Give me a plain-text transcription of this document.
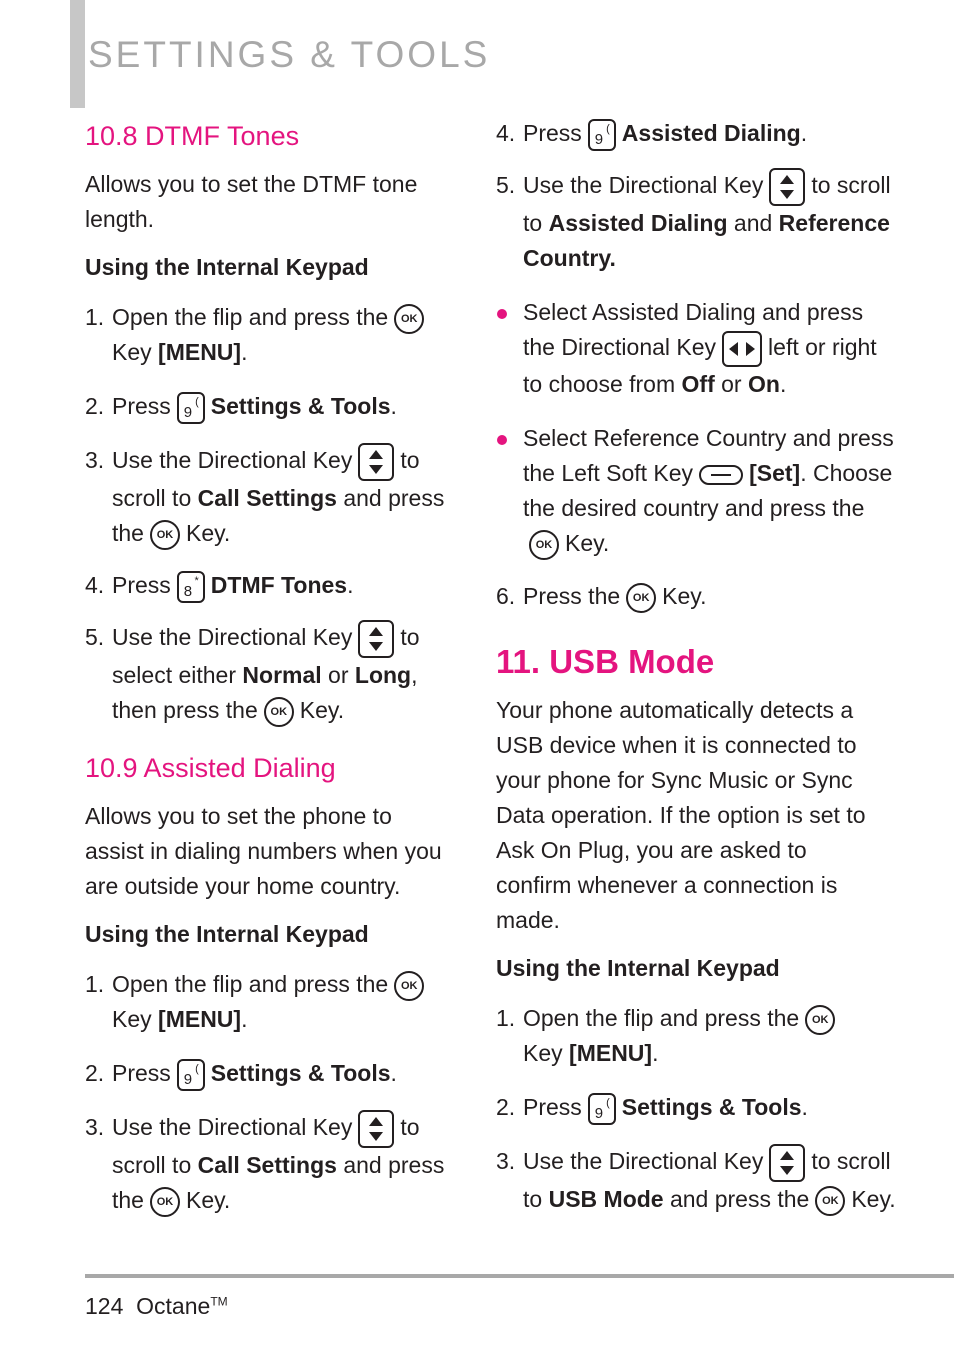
SETTINGS & TOOLS
10.8 DTMF Tones

Allows you to set the DTMF tone length.

Using the Internal Keypad

1. Open the flip and press the OK
Key [MENU].
2. Press 9
( Settings & Tools.
3. Use the Directional Key to scroll to Call Settings and press the OK Key.
4. Press 8
* DTMF Tones.
5. Use the Directional Key to select either Normal or Long, then press the OK Key.
10.9 Assisted Dialing

Allows you to set the phone to assist in dialing numbers when you are outside your home country.

Using the Internal Keypad

1. Open the flip and press the OK
Key [MENU].
2. Press 9
( Settings & Tools.
3. Use the Directional Key to scroll to Call Settings and press the OK Key.
4. Press 9
( Assisted Dialing.
5. Use the Directional Key to scroll to Assisted Dialing and Reference Country.
Select Assisted Dialing and press the Directional Key left or right to choose from Off or On.
Select Reference Country and press the Left Soft Key [Set]. Choose the desired country and press theOK Key.
6. Press the OK Key.
11. USB Mode

Your phone automatically detects a USB device when it is connected to your phone for Sync Music or Sync Data operation. If the option is set to Ask On Plug, you are asked to confirm whenever a connection is made.

Using the Internal Keypad

1. Open the flip and press the OK
Key [MENU].
2. Press 9
( Settings & Tools.
3. Use the Directional Key to scroll to USB Mode and press the OK Key.
124 Octane™
